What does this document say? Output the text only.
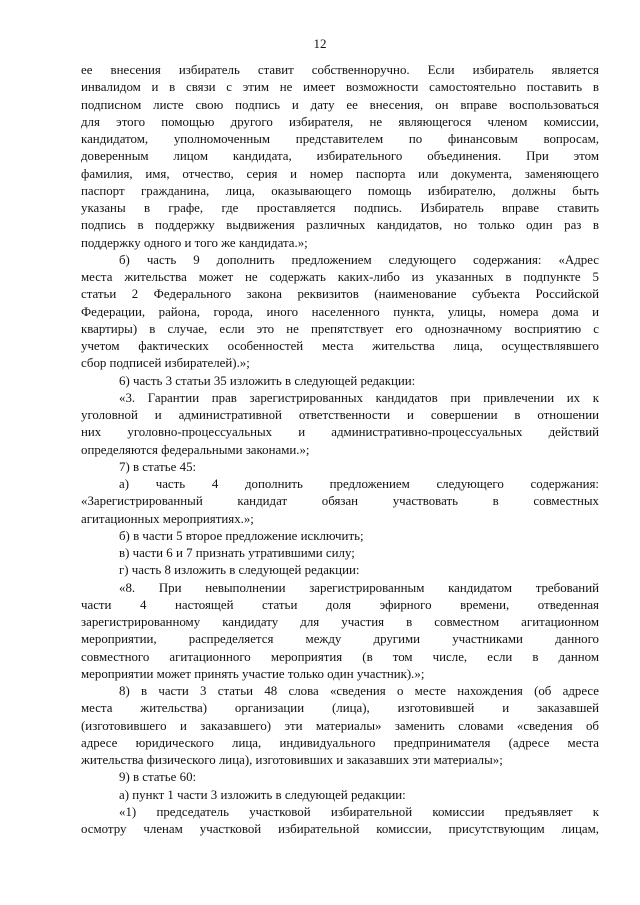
12
ее внесения избиратель ставит собственноручно. Если избиратель является
инвалидом и в связи с этим не имеет возможности самостоятельно поставить в
подписном листе свою подпись и дату ее внесения, он вправе воспользоваться
для этого помощью другого избирателя, не являющегося членом комиссии,
кандидатом, уполномоченным представителем по финансовым вопросам,
доверенным лицом кандидата, избирательного объединения. При этом
фамилия, имя, отчество, серия и номер паспорта или документа, заменяющего
паспорт гражданина, лица, оказывающего помощь избирателю, должны быть
указаны в графе, где проставляется подпись. Избиратель вправе ставить
подпись в поддержку выдвижения различных кандидатов, но только один раз в
поддержку одного и того же кандидата.»;
б) часть 9 дополнить предложением следующего содержания: «Адрес
места жительства может не содержать каких-либо из указанных в подпункте 5
статьи 2 Федерального закона реквизитов (наименование субъекта Российской
Федерации, района, города, иного населенного пункта, улицы, номера дома и
квартиры) в случае, если это не препятствует его однозначному восприятию с
учетом фактических особенностей места жительства лица, осуществлявшего
сбор подписей избирателей).»;
6) часть 3 статьи 35 изложить в следующей редакции:
«3. Гарантии прав зарегистрированных кандидатов при привлечении их к
уголовной и административной ответственности и совершении в отношении
них уголовно-процессуальных и административно-процессуальных действий
определяются федеральными законами.»;
7) в статье 45:
а) часть 4 дополнить предложением следующего содержания:
«Зарегистрированный кандидат обязан участвовать в совместных
агитационных мероприятиях.»;
б) в части 5 второе предложение исключить;
в) части 6 и 7 признать утратившими силу;
г) часть 8 изложить в следующей редакции:
«8. При невыполнении зарегистрированным кандидатом требований
части 4 настоящей статьи доля эфирного времени, отведенная
зарегистрированному кандидату для участия в совместном агитационном
мероприятии, распределяется между другими участниками данного
совместного агитационного мероприятия (в том числе, если в данном
мероприятии может принять участие только один участник).»;
8) в части 3 статьи 48 слова «сведения о месте нахождения (об адресе
места жительства) организации (лица), изготовившей и заказавшей
(изготовившего и заказавшего) эти материалы» заменить словами «сведения об
адресе юридического лица, индивидуального предпринимателя (адресе места
жительства физического лица), изготовивших и заказавших эти материалы»;
9) в статье 60:
а) пункт 1 части 3 изложить в следующей редакции:
«1) председатель участковой избирательной комиссии предъявляет к
осмотру членам участковой избирательной комиссии, присутствующим лицам,
